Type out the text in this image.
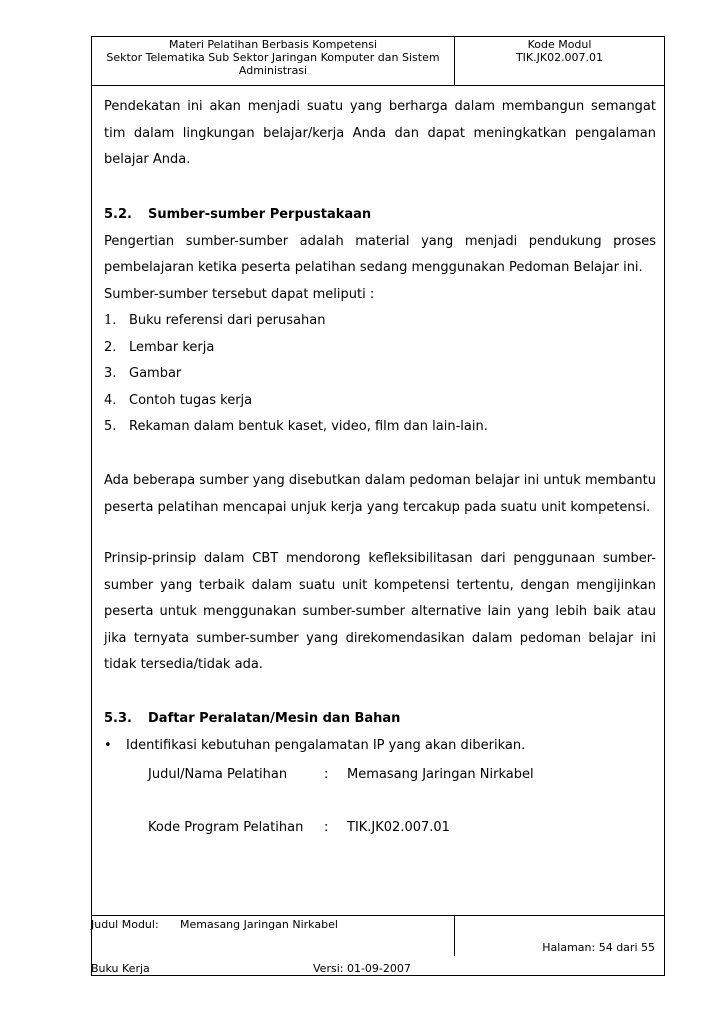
Materi Pelatihan Berbasis Kompetensi
Sektor Telematika Sub Sektor Jaringan Komputer dan Sistem
Administrasi
Kode Modul
TIK.JK02.007.01

Pendekatan ini akan menjadi suatu yang berharga dalam membangun semangat tim dalam lingkungan belajar/kerja Anda dan dapat meningkatkan pengalaman belajar Anda.

5.2. Sumber-sumber Perpustakaan

Pengertian sumber-sumber adalah material yang menjadi pendukung proses pembelajaran ketika peserta pelatihan sedang menggunakan Pedoman Belajar ini.

Sumber-sumber tersebut dapat meliputi :

1. Buku referensi dari perusahan
2. Lembar kerja
3. Gambar
4. Contoh tugas kerja
5. Rekaman dalam bentuk kaset, video, film dan lain-lain.

Ada beberapa sumber yang disebutkan dalam pedoman belajar ini untuk membantu peserta pelatihan mencapai unjuk kerja yang tercakup pada suatu unit kompetensi.

Prinsip-prinsip dalam CBT mendorong kefleksibilitasan dari penggunaan sumber-sumber yang terbaik dalam suatu unit kompetensi tertentu, dengan mengijinkan peserta untuk menggunakan sumber-sumber alternative lain yang lebih baik atau jika ternyata sumber-sumber yang direkomendasikan dalam pedoman belajar ini tidak tersedia/tidak ada.

5.3. Daftar Peralatan/Mesin dan Bahan

•	Identifikasi kebutuhan pengalamatan IP yang akan diberikan.
Judul/Nama Pelatihan	: Memasang Jaringan Nirkabel
Kode Program Pelatihan : TIK.JK02.007.01
Judul Modul: Memasang Jaringan Nirkabel
Halaman: 54 dari 55
Buku Kerja	Versi: 01-09-2007
